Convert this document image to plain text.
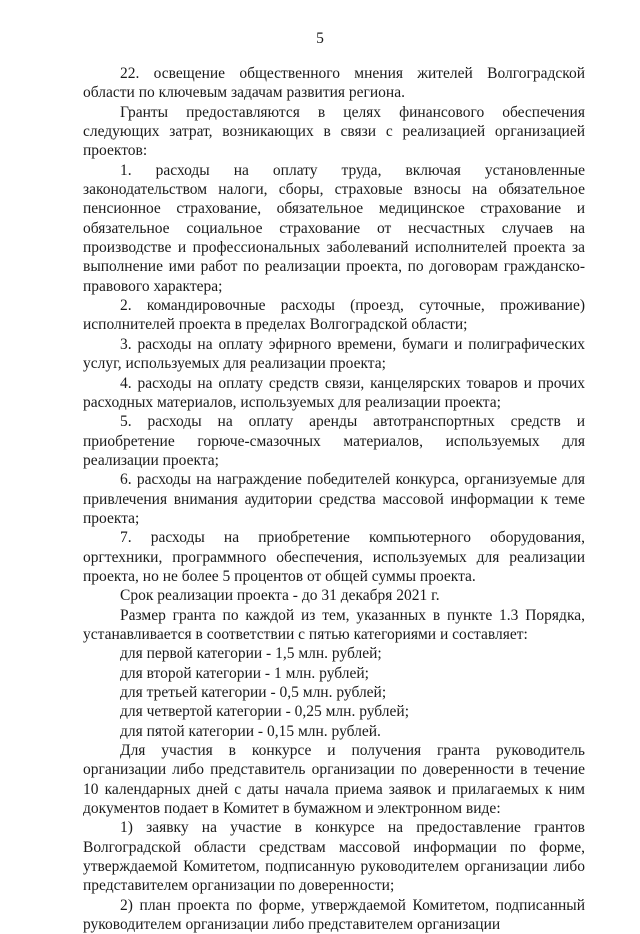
5

22. освещение общественного мнения жителей Волгоградской области по ключевым задачам развития региона.

Гранты предоставляются в целях финансового обеспечения следующих затрат, возникающих в связи с реализацией организацией проектов:

1. расходы на оплату труда, включая установленные законодательством налоги, сборы, страховые взносы на обязательное пенсионное страхование, обязательное медицинское страхование и обязательное социальное страхование от несчастных случаев на производстве и профессиональных заболеваний исполнителей проекта за выполнение ими работ по реализации проекта, по договорам гражданско-правового характера;

2. командировочные расходы (проезд, суточные, проживание) исполнителей проекта в пределах Волгоградской области;

3. расходы на оплату эфирного времени, бумаги и полиграфических услуг, используемых для реализации проекта;

4. расходы на оплату средств связи, канцелярских товаров и прочих расходных материалов, используемых для реализации проекта;

5. расходы на оплату аренды автотранспортных средств и приобретение горюче-смазочных материалов, используемых для реализации проекта;

6. расходы на награждение победителей конкурса, организуемые для привлечения внимания аудитории средства массовой информации к теме проекта;

7. расходы на приобретение компьютерного оборудования, оргтехники, программного обеспечения, используемых для реализации проекта, но не более 5 процентов от общей суммы проекта.

Срок реализации проекта - до 31 декабря 2021 г.

Размер гранта по каждой из тем, указанных в пункте 1.3 Порядка, устанавливается в соответствии с пятью категориями и составляет:

для первой категории - 1,5 млн. рублей;

для второй категории - 1 млн. рублей;

для третьей категории - 0,5 млн. рублей;

для четвертой категории - 0,25 млн. рублей;

для пятой категории - 0,15 млн. рублей.

Для участия в конкурсе и получения гранта руководитель организации либо представитель организации по доверенности в течение 10 календарных дней с даты начала приема заявок и прилагаемых к ним документов подает в Комитет в бумажном и электронном виде:

1) заявку на участие в конкурсе на предоставление грантов Волгоградской области средствам массовой информации по форме, утверждаемой Комитетом, подписанную руководителем организации либо представителем организации по доверенности;

2) план проекта по форме, утверждаемой Комитетом, подписанный руководителем организации либо представителем организации
